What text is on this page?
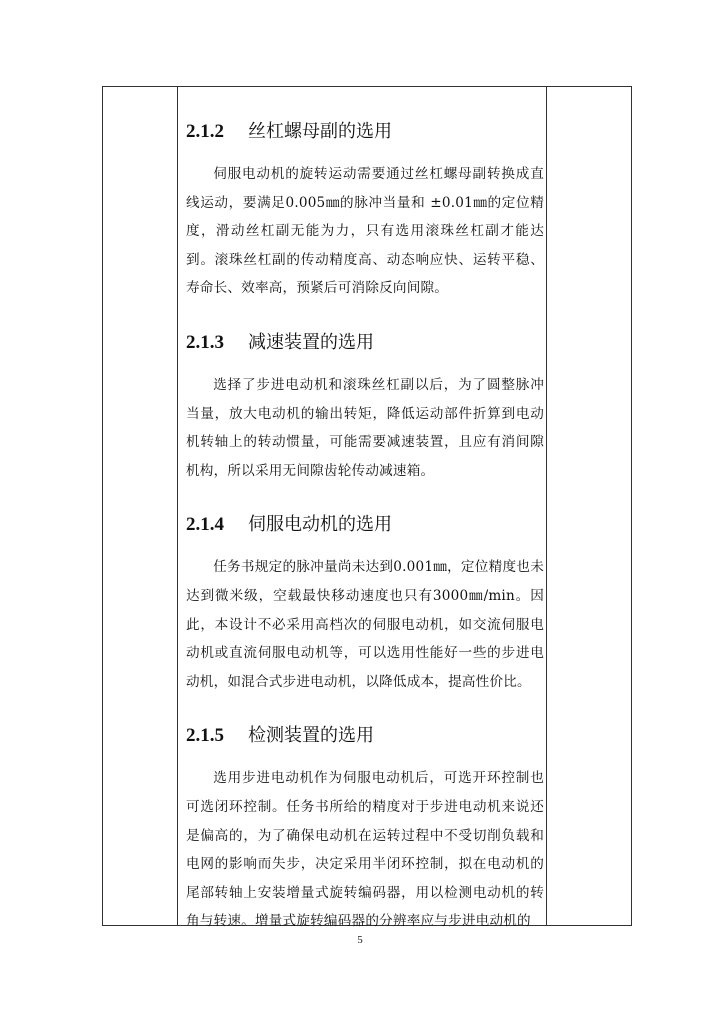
2.1.2 丝杠螺母副的选用

伺服电动机的旋转运动需要通过丝杠螺母副转换成直线运动，要满足0.005㎜的脉冲当量和 ±0.01㎜的定位精度，滑动丝杠副无能为力，只有选用滚珠丝杠副才能达到。滚珠丝杠副的传动精度高、动态响应快、运转平稳、寿命长、效率高，预紧后可消除反向间隙。

2.1.3 减速装置的选用

选择了步进电动机和滚珠丝杠副以后，为了圆整脉冲当量，放大电动机的输出转矩，降低运动部件折算到电动机转轴上的转动惯量，可能需要减速装置，且应有消间隙机构，所以采用无间隙齿轮传动减速箱。

2.1.4 伺服电动机的选用

任务书规定的脉冲量尚未达到0.001㎜，定位精度也未达到微米级，空载最快移动速度也只有3000㎜/min。因此，本设计不必采用高档次的伺服电动机，如交流伺服电动机或直流伺服电动机等，可以选用性能好一些的步进电动机，如混合式步进电动机，以降低成本，提高性价比。

2.1.5 检测装置的选用

选用步进电动机作为伺服电动机后，可选开环控制也可选闭环控制。任务书所给的精度对于步进电动机来说还是偏高的，为了确保电动机在运转过程中不受切削负载和电网的影响而失步，决定采用半闭环控制，拟在电动机的尾部转轴上安装增量式旋转编码器，用以检测电动机的转角与转速。增量式旋转编码器的分辨率应与步进电动机的

5
